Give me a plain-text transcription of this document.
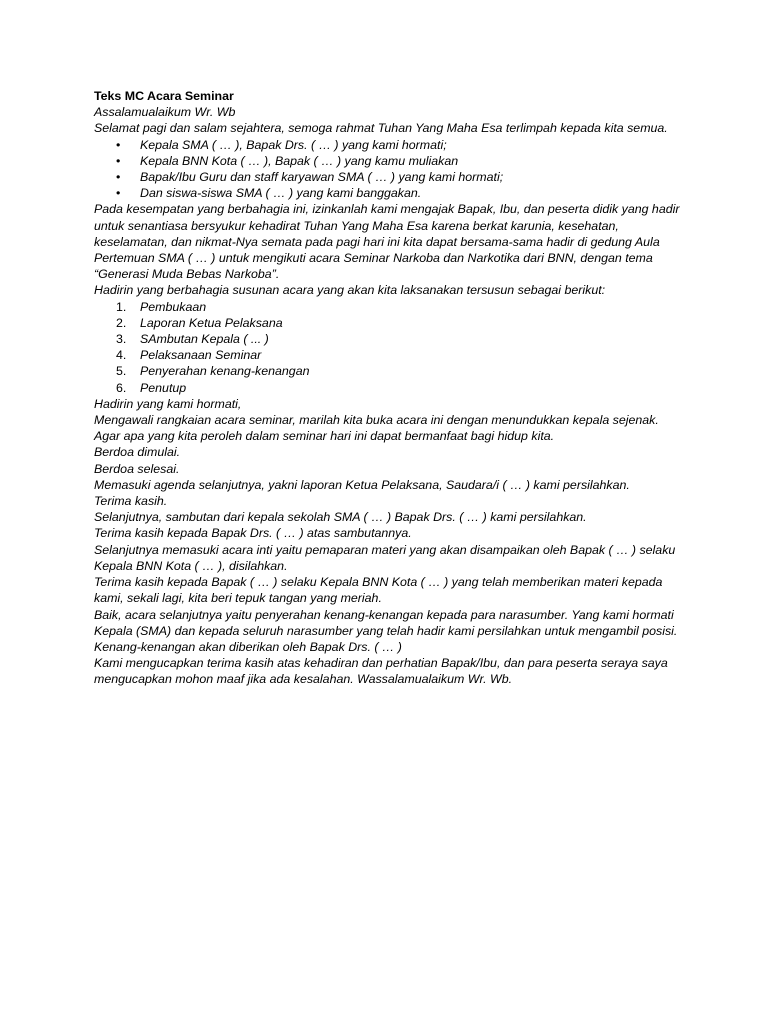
Teks MC Acara Seminar

Assalamualaikum Wr. Wb

Selamat pagi dan salam sejahtera, semoga rahmat Tuhan Yang Maha Esa terlimpah kepada kita semua.

• Kepala SMA ( … ), Bapak Drs. ( … ) yang kami hormati;
• Kepala BNN Kota ( … ), Bapak ( … ) yang kamu muliakan
• Bapak/Ibu Guru dan staff karyawan SMA ( … ) yang kami hormati;
• Dan siswa-siswa SMA ( … ) yang kami banggakan.

Pada kesempatan yang berbahagia ini, izinkanlah kami mengajak Bapak, Ibu, dan peserta didik yang hadir untuk senantiasa bersyukur kehadirat Tuhan Yang Maha Esa karena berkat karunia, kesehatan, keselamatan, dan nikmat-Nya semata pada pagi hari ini kita dapat bersama-sama hadir di gedung Aula Pertemuan SMA ( … ) untuk mengikuti acara Seminar Narkoba dan Narkotika dari BNN, dengan tema “Generasi Muda Bebas Narkoba”.

Hadirin yang berbahagia susunan acara yang akan kita laksanakan tersusun sebagai berikut:

1. Pembukaan
2. Laporan Ketua Pelaksana
3. SAmbutan Kepala ( ... )
4. Pelaksanaan Seminar
5. Penyerahan kenang-kenangan
6. Penutup

Hadirin yang kami hormati,

Mengawali rangkaian acara seminar, marilah kita buka acara ini dengan menundukkan kepala sejenak. Agar apa yang kita peroleh dalam seminar hari ini dapat bermanfaat bagi hidup kita.

Berdoa dimulai.

Berdoa selesai.

Memasuki agenda selanjutnya, yakni laporan Ketua Pelaksana, Saudara/i ( … ) kami persilahkan.

Terima kasih.

Selanjutnya, sambutan dari kepala sekolah SMA ( … ) Bapak Drs. ( … ) kami persilahkan.

Terima kasih kepada Bapak Drs. ( … ) atas sambutannya.

Selanjutnya memasuki acara inti yaitu pemaparan materi yang akan disampaikan oleh Bapak ( … ) selaku Kepala BNN Kota ( … ), disilahkan.

Terima kasih kepada Bapak ( … ) selaku Kepala BNN Kota ( … ) yang telah memberikan materi kepada kami, sekali lagi, kita beri tepuk tangan yang meriah.

Baik, acara selanjutnya yaitu penyerahan kenang-kenangan kepada para narasumber. Yang kami hormati Kepala (SMA) dan kepada seluruh narasumber yang telah hadir kami persilahkan untuk mengambil posisi. Kenang-kenangan akan diberikan oleh Bapak Drs. ( … )

Kami mengucapkan terima kasih atas kehadiran dan perhatian Bapak/Ibu, dan para peserta seraya saya mengucapkan mohon maaf jika ada kesalahan. Wassalamualaikum Wr. Wb.
